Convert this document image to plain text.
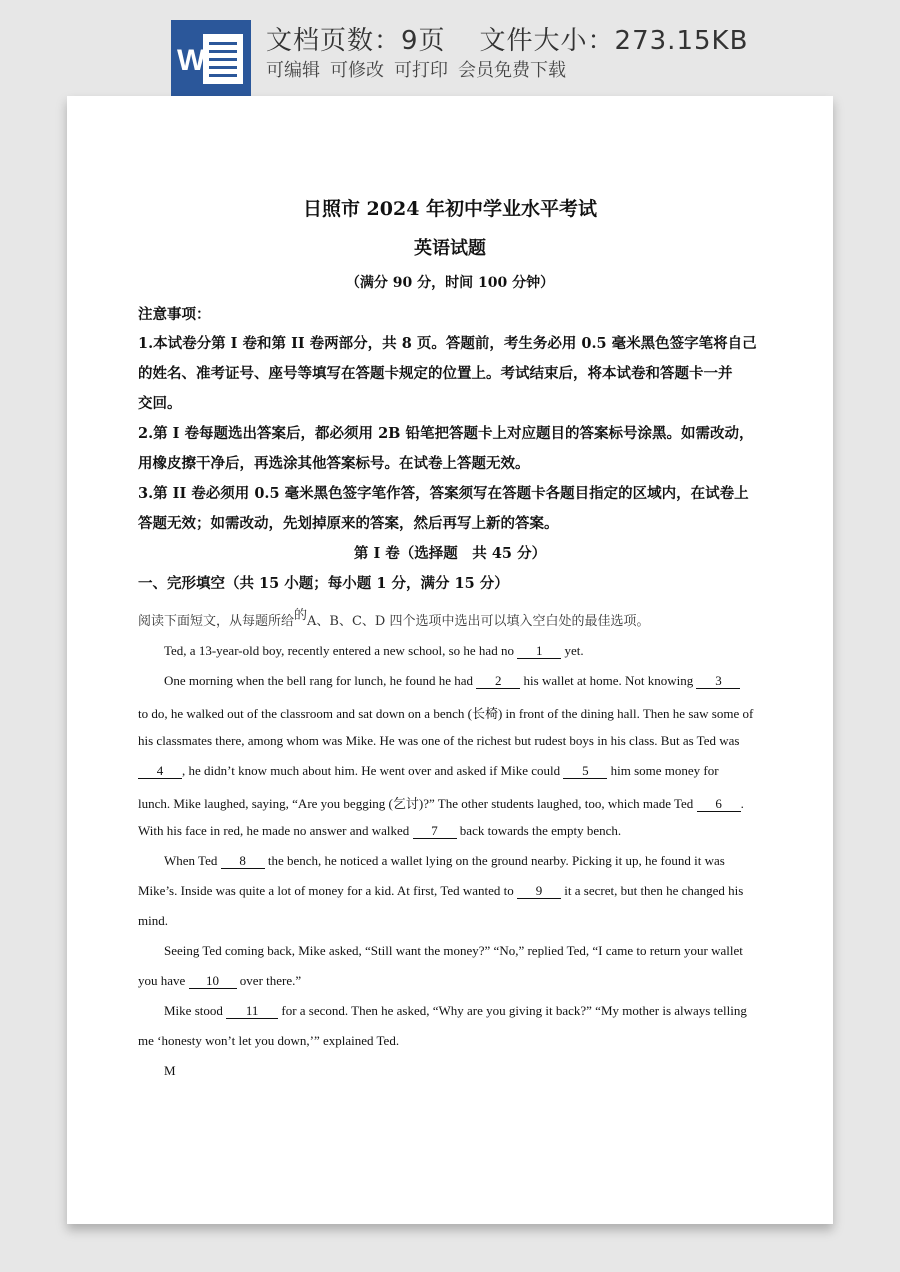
W
文档页数：9页 文件大小：273.15KB
可编辑 可修改 可打印 会员免费下载
日照市 2024 年初中学业水平考试
英语试题
（满分 90 分，时间 100 分钟）
注意事项：
1.本试卷分第 I 卷和第 II 卷两部分，共 8 页。答题前，考生务必用 0.5 毫米黑色签字笔将自己
的姓名、准考证号、座号等填写在答题卡规定的位置上。考试结束后，将本试卷和答题卡一并
交回。
2.第 I 卷每题选出答案后，都必须用 2B 铅笔把答题卡上对应题目的答案标号涂黑。如需改动，
用橡皮擦干净后，再选涂其他答案标号。在试卷上答题无效。
3.第 II 卷必须用 0.5 毫米黑色签字笔作答，答案须写在答题卡各题目指定的区域内，在试卷上
答题无效；如需改动，先划掉原来的答案，然后再写上新的答案。
第 I 卷（选择题　共 45 分）
一、完形填空（共 15 小题；每小题 1 分，满分 15 分）
阅读下面短文，从每题所给$^的$A、B、C、D 四个选项中选出可以填入空白处的最佳选项。
Ted, a 13-year-old boy, recently entered a new school, so he had no 1 yet.
One morning when the bell rang for lunch, he found he had 2 his wallet at home. Not knowing 3
to do, he walked out of the classroom and sat down on a bench (长椅) in front of the dining hall. Then he saw some of
his classmates there, among whom was Mike. He was one of the richest but rudest boys in his class. But as Ted was
4 , he didn’t know much about him. He went over and asked if Mike could 5 him some money for
lunch. Mike laughed, saying, “Are you begging (乞讨)?” The other students laughed, too, which made Ted 6 .
With his face in red, he made no answer and walked 7 back towards the empty bench.
When Ted 8 the bench, he noticed a wallet lying on the ground nearby. Picking it up, he found it was
Mike’s. Inside was quite a lot of money for a kid. At first, Ted wanted to 9 it a secret, but then he changed his
mind.
Seeing Ted coming back, Mike asked, “Still want the money?” “No,” replied Ted, “I came to return your wallet
you have 10 over there.”
Mike stood 11 for a second. Then he asked, “Why are you giving it back?” “My mother is always telling
me ‘honesty won’t let you down,’” explained Ted.
M
